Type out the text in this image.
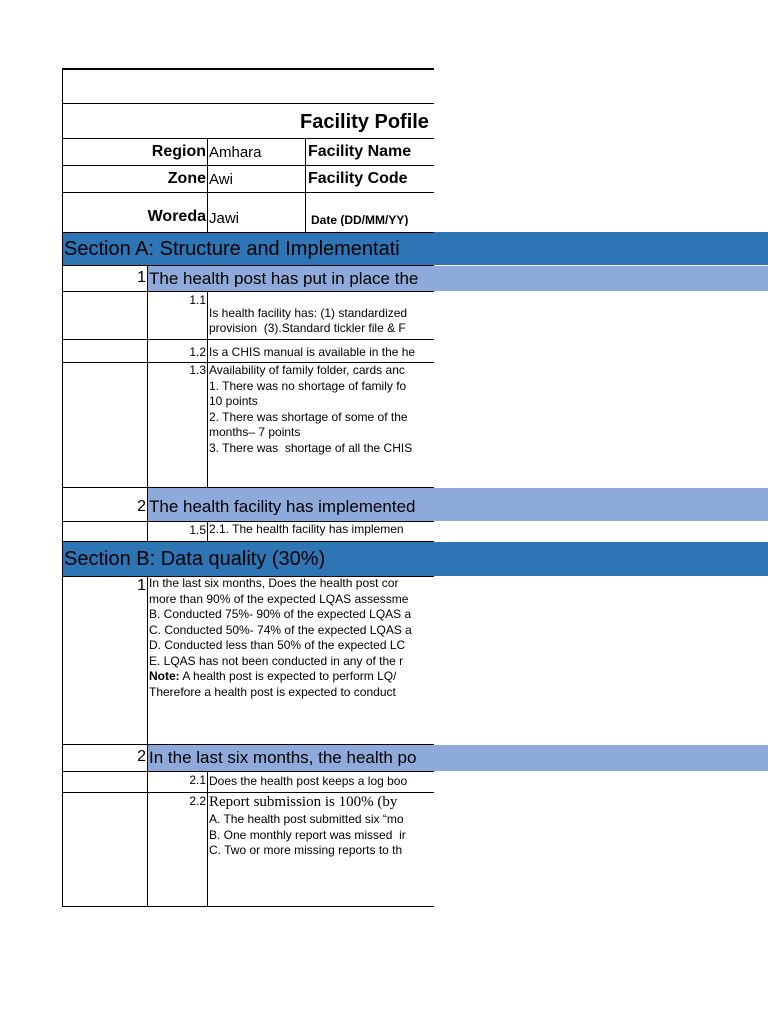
Facility Pofile
Region Amhara	Facility Name
Zone Awi	Facility Code
Woreda Jawi	Date (DD/MM/YY)
Section A: Structure and Implementati
1 The health post has put in place the
1.1
Is health facility has: (1) standardized
provision  (3).Standard tickler file & F
1.2 Is a CHIS manual is available in the he
1.3 Availability of family folder, cards anc
1. There was no shortage of family fo
10 points
2. There was shortage of some of the
months– 7 points
3. There was  shortage of all the CHIS
2 The health facility has implemented
1.5 2.1. The health facility has implemen
Section B: Data quality (30%)
1 In the last six months, Does the health post cor
more than 90% of the expected LQAS assessme
B. Conducted 75%- 90% of the expected LQAS a
C. Conducted 50%- 74% of the expected LQAS a
D. Conducted less than 50% of the expected LC
E. LQAS has not been conducted in any of the r
Note: A health post is expected to perform LQ/
Therefore a health post is expected to conduct
2 In the last six months, the health po
2.1 Does the health post keeps a log boo
2.2 Report submission is 100% (by
A. The health post submitted six “mo
B. One monthly report was missed  ir
C. Two or more missing reports to th
